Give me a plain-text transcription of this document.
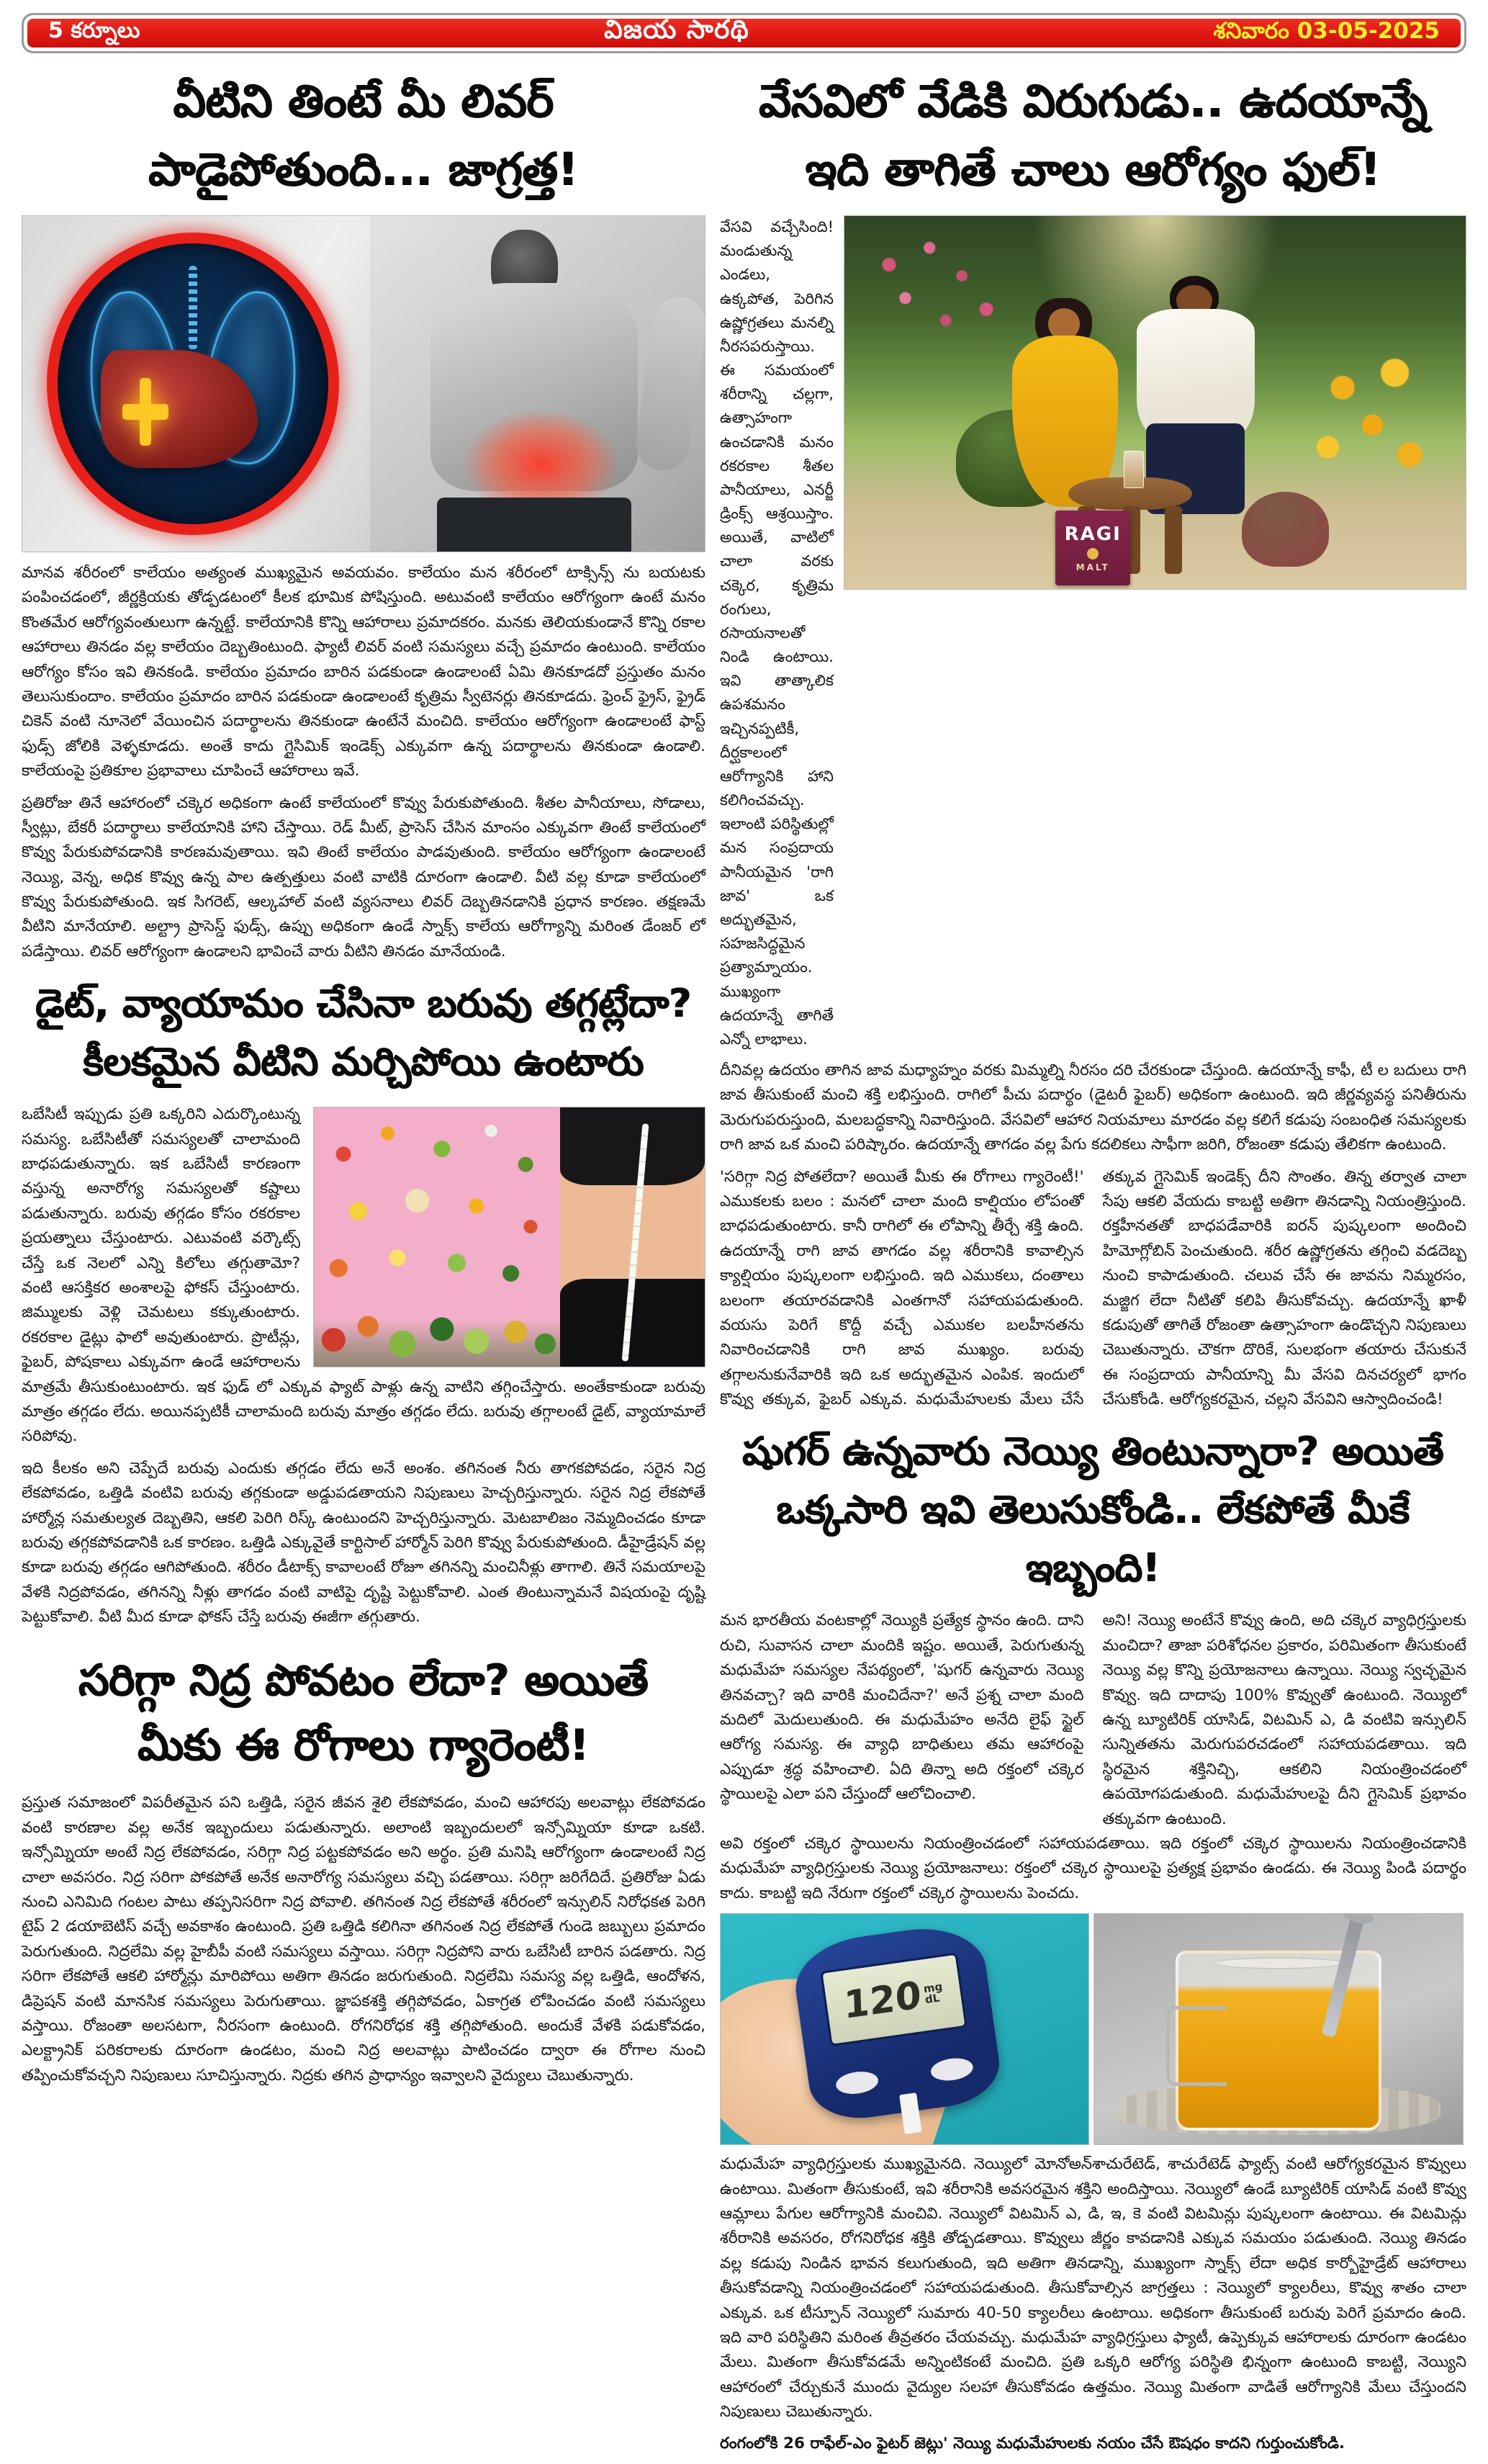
5 కర్నూలు	విజయ సారథి	శనివారం 03-05-2025
వీటిని తింటే మీ లివర్
పాడైపోతుంది... జాగ్రత్త!

మానవ శరీరంలో కాలేయం అత్యంత ముఖ్యమైన అవయవం. కాలేయం మన శరీరంలో టాక్సిన్స్ ను బయటకు పంపించడంలో, జీర్ణక్రియకు తోడ్పడటంలో కీలక భూమిక పోషిస్తుంది. అటువంటి కాలేయం ఆరోగ్యంగా ఉంటే మనం కొంతమేర ఆరోగ్యవంతులుగా ఉన్నట్టే. కాలేయానికి కొన్ని ఆహారాలు ప్రమాదకరం. మనకు తెలియకుండానే కొన్ని రకాల ఆహారాలు తినడం వల్ల కాలేయం దెబ్బతింటుంది. ఫ్యాటీ లివర్ వంటి సమస్యలు వచ్చే ప్రమాదం ఉంటుంది. కాలేయం ఆరోగ్యం కోసం ఇవి తినకండి. కాలేయం ప్రమాదం బారిన పడకుండా ఉండాలంటే ఏమి తినకూడదో ప్రస్తుతం మనం తెలుసుకుందాం. కాలేయం ప్రమాదం బారిన పడకుండా ఉండాలంటే కృత్రిమ స్వీటెనర్లు తినకూడదు. ఫ్రెంచ్ ఫ్రైస్, ఫ్రైడ్ చికెన్ వంటి నూనెలో వేయించిన పదార్థాలను తినకుండా ఉంటేనే మంచిది. కాలేయం ఆరోగ్యంగా ఉండాలంటే ఫాస్ట్ ఫుడ్స్ జోలికి వెళ్ళకూడదు. అంతే కాదు గ్లైసిమిక్ ఇండెక్స్ ఎక్కువగా ఉన్న పదార్థాలను తినకుండా ఉండాలి. కాలేయంపై ప్రతికూల ప్రభావాలు చూపించే ఆహారాలు ఇవే.

ప్రతిరోజు తినే ఆహారంలో చక్కెర అధికంగా ఉంటే కాలేయంలో కొవ్వు పేరుకుపోతుంది. శీతల పానీయాలు, సోడాలు, స్వీట్లు, బేకరీ పదార్థాలు కాలేయానికి హాని చేస్తాయి. రెడ్ మీట్, ప్రాసెస్ చేసిన మాంసం ఎక్కువగా తింటే కాలేయంలో కొవ్వు పేరుకుపోవడానికి కారణమవుతాయి. ఇవి తింటే కాలేయం పాడవుతుంది. కాలేయం ఆరోగ్యంగా ఉండాలంటే నెయ్యి, వెన్న, అధిక కొవ్వు ఉన్న పాల ఉత్పత్తులు వంటి వాటికి దూరంగా ఉండాలి. వీటి వల్ల కూడా కాలేయంలో కొవ్వు పేరుకుపోతుంది. ఇక సిగరెట్, ఆల్కహాల్ వంటి వ్యసనాలు లివర్ దెబ్బతినడానికి ప్రధాన కారణం. తక్షణమే వీటిని మానేయాలి. అల్ట్రా ప్రాసెస్డ్ ఫుడ్స్, ఉప్పు అధికంగా ఉండే స్నాక్స్ కాలేయ ఆరోగ్యాన్ని మరింత డేంజర్ లో పడేస్తాయి. లివర్ ఆరోగ్యంగా ఉండాలని భావించే వారు వీటిని తినడం మానేయండి.

డైట్, వ్యాయామం చేసినా బరువు తగ్గట్లేదా?
కీలకమైన వీటిని మర్చిపోయి ఉంటారు

ఒబేసిటీ ఇప్పుడు ప్రతి ఒక్కరిని ఎదుర్కొంటున్న సమస్య. ఒబేసిటీతో సమస్యలతో చాలామంది బాధపడుతున్నారు. ఇక ఒబేసిటీ కారణంగా వస్తున్న అనారోగ్య సమస్యలతో కష్టాలు పడుతున్నారు. బరువు తగ్గడం కోసం రకరకాల ప్రయత్నాలు చేస్తుంటారు. ఎటువంటి వర్కౌట్స్ చేస్తే ఒక నెలలో ఎన్ని కిలోలు తగ్గుతామో? వంటి ఆసక్తికర అంశాలపై ఫోకస్ చేస్తుంటారు. జిమ్ములకు వెళ్లి చెమటలు కక్కుతుంటారు. రకరకాల డైట్లు ఫాలో అవుతుంటారు. ప్రొటీన్లు, ఫైబర్, పోషకాలు ఎక్కువగా ఉండే ఆహారాలను మాత్రమే తీసుకుంటుంటారు. ఇక ఫుడ్ లో ఎక్కువ ఫ్యాట్ పాళ్లు ఉన్న వాటిని తగ్గించేస్తారు. అంతేకాకుండా బరువు మాత్రం తగ్గడం లేదు. అయినప్పటికీ చాలామంది బరువు మాత్రం తగ్గడం లేదు. బరువు తగ్గాలంటే డైట్, వ్యాయామాలే సరిపోవు.

ఇది కీలకం అని చెప్పేదే బరువు ఎందుకు తగ్గడం లేదు అనే అంశం. తగినంత నీరు తాగకపోవడం, సరైన నిద్ర లేకపోవడం, ఒత్తిడి వంటివి బరువు తగ్గకుండా అడ్డుపడతాయని నిపుణులు హెచ్చరిస్తున్నారు. సరైన నిద్ర లేకపోతే హార్మోన్ల సమతుల్యత దెబ్బతిని, ఆకలి పెరిగి రిస్క్ ఉంటుందని హెచ్చరిస్తున్నారు. మెటబాలిజం నెమ్మదించడం కూడా బరువు తగ్గకపోవడానికి ఒక కారణం. ఒత్తిడి ఎక్కువైతే కార్టిసాల్ హార్మోన్ పెరిగి కొవ్వు పేరుకుపోతుంది. డీహైడ్రేషన్ వల్ల కూడా బరువు తగ్గడం ఆగిపోతుంది. శరీరం డీటాక్స్ కావాలంటే రోజూ తగినన్ని మంచినీళ్లు తాగాలి. తినే సమయాలపై వేళకి నిద్రపోవడం, తగినన్ని నీళ్లు తాగడం వంటి వాటిపై దృష్టి పెట్టుకోవాలి. ఎంత తింటున్నామనే విషయంపై దృష్టి పెట్టుకోవాలి. వీటి మీద కూడా ఫోకస్ చేస్తే బరువు ఈజీగా తగ్గుతారు.

సరిగ్గా నిద్ర పోవటం లేదా? అయితే
మీకు ఈ రోగాలు గ్యారెంటీ!

ప్రస్తుత సమాజంలో విపరీతమైన పని ఒత్తిడి, సరైన జీవన శైలి లేకపోవడం, మంచి ఆహారపు అలవాట్లు లేకపోవడం వంటి కారణాల వల్ల అనేక ఇబ్బందులు పడుతున్నారు. అలాంటి ఇబ్బందులలో ఇన్సోమ్నియా కూడా ఒకటి. ఇన్సోమ్నియా అంటే నిద్ర లేకపోవడం, సరిగ్గా నిద్ర పట్టకపోవడం అని అర్థం. ప్రతి మనిషి ఆరోగ్యంగా ఉండాలంటే నిద్ర చాలా అవసరం. నిద్ర సరిగా పోకపోతే అనేక అనారోగ్య సమస్యలు వచ్చి పడతాయి. సరిగ్గా జరిగేదిదే. ప్రతిరోజు ఏడు నుంచి ఎనిమిది గంటల పాటు తప్పనిసరిగా నిద్ర పోవాలి. తగినంత నిద్ర లేకపోతే శరీరంలో ఇన్సులిన్ నిరోధకత పెరిగి టైప్ 2 డయాబెటిస్ వచ్చే అవకాశం ఉంటుంది. ప్రతి ఒత్తిడి కలిగినా తగినంత నిద్ర లేకపోతే గుండె జబ్బులు ప్రమాదం పెరుగుతుంది. నిద్రలేమి వల్ల హైబీపీ వంటి సమస్యలు వస్తాయి. సరిగ్గా నిద్రపోని వారు ఒబేసిటీ బారిన పడతారు. నిద్ర సరిగా లేకపోతే ఆకలి హార్మోన్లు మారిపోయి అతిగా తినడం జరుగుతుంది. నిద్రలేమి సమస్య వల్ల ఒత్తిడి, ఆందోళన, డిప్రెషన్ వంటి మానసిక సమస్యలు పెరుగుతాయి. జ్ఞాపకశక్తి తగ్గిపోవడం, ఏకాగ్రత లోపించడం వంటి సమస్యలు వస్తాయి. రోజంతా అలసటగా, నీరసంగా ఉంటుంది. రోగనిరోధక శక్తి తగ్గిపోతుంది. అందుకే వేళకి పడుకోవడం, ఎలక్ట్రానిక్ పరికరాలకు దూరంగా ఉండటం, మంచి నిద్ర అలవాట్లు పాటించడం ద్వారా ఈ రోగాల నుంచి తప్పించుకోవచ్చని నిపుణులు సూచిస్తున్నారు. నిద్రకు తగిన ప్రాధాన్యం ఇవ్వాలని వైద్యులు చెబుతున్నారు.

వేసవిలో వేడికి విరుగుడు.. ఉదయాన్నే
ఇది తాగితే చాలు ఆరోగ్యం ఫుల్!
వేసవి వచ్చేసింది! మండుతున్న ఎండలు, ఉక్కపోత, పెరిగిన ఉష్ణోగ్రతలు మనల్ని నీరసపరుస్తాయి. ఈ సమయంలో శరీరాన్ని చల్లగా, ఉత్సాహంగా ఉంచడానికి మనం రకరకాల శీతల పానీయాలు, ఎనర్జీ డ్రింక్స్ ఆశ్రయిస్తాం. అయితే, వాటిలో చాలా వరకు చక్కెర, కృత్రిమ రంగులు, రసాయనాలతో నిండి ఉంటాయి. ఇవి తాత్కాలిక ఉపశమనం ఇచ్చినప్పటికీ, దీర్ఘకాలంలో ఆరోగ్యానికి హాని కలిగించవచ్చు. ఇలాంటి పరిస్థితుల్లో మన సంప్రదాయ పానీయమైన 'రాగి జావ' ఒక అద్భుతమైన, సహజసిద్ధమైన ప్రత్యామ్నాయం. ముఖ్యంగా ఉదయాన్నే తాగితే ఎన్నో లాభాలు.
RAGI
MALT

దీనివల్ల ఉదయం తాగిన జావ మధ్యాహ్నం వరకు మిమ్మల్ని నీరసం దరి చేరకుండా చేస్తుంది. ఉదయాన్నే కాఫీ, టీ ల బదులు రాగి జావ తీసుకుంటే మంచి శక్తి లభిస్తుంది. రాగిలో పీచు పదార్థం (డైటరీ ఫైబర్) అధికంగా ఉంటుంది. ఇది జీర్ణవ్యవస్థ పనితీరును మెరుగుపరుస్తుంది, మలబద్ధకాన్ని నివారిస్తుంది. వేసవిలో ఆహార నియమాలు మారడం వల్ల కలిగే కడుపు సంబంధిత సమస్యలకు రాగి జావ ఒక మంచి పరిష్కారం. ఉదయాన్నే తాగడం వల్ల పేగు కదలికలు సాఫీగా జరిగి, రోజంతా కడుపు తేలికగా ఉంటుంది.

'సరిగ్గా నిద్ర పోతలేదా? అయితే మీకు ఈ రోగాలు గ్యారెంటీ!' ఎముకలకు బలం : మనలో చాలా మంది కాల్షియం లోపంతో బాధపడుతుంటారు. కానీ రాగిలో ఈ లోపాన్ని తీర్చే శక్తి ఉంది. ఉదయాన్నే రాగి జావ తాగడం వల్ల శరీరానికి కావాల్సిన క్యాల్షియం పుష్కలంగా లభిస్తుంది. ఇది ఎముకలు, దంతాలు బలంగా తయారవడానికి ఎంతగానో సహాయపడుతుంది. వయసు పెరిగే కొద్దీ వచ్చే ఎముకల బలహీనతను నివారించడానికి రాగి జావ ముఖ్యం. బరువు తగ్గాలనుకునేవారికి ఇది ఒక అద్భుతమైన ఎంపిక. ఇందులో కొవ్వు తక్కువ, ఫైబర్ ఎక్కువ. మధుమేహులకు మేలు చేసే తక్కువ గ్లైసెమిక్ ఇండెక్స్ దీని సొంతం. తిన్న తర్వాత చాలా సేపు ఆకలి వేయదు కాబట్టి అతిగా తినడాన్ని నియంత్రిస్తుంది. రక్తహీనతతో బాధపడేవారికి ఐరన్ పుష్కలంగా అందించి హిమోగ్లోబిన్ పెంచుతుంది. శరీర ఉష్ణోగ్రతను తగ్గించి వడదెబ్బ నుంచి కాపాడుతుంది. చలువ చేసే ఈ జావను నిమ్మరసం, మజ్జిగ లేదా నీటితో కలిపి తీసుకోవచ్చు. ఉదయాన్నే ఖాళీ కడుపుతో తాగితే రోజంతా ఉత్సాహంగా ఉండొచ్చని నిపుణులు చెబుతున్నారు. చౌకగా దొరికే, సులభంగా తయారు చేసుకునే ఈ సంప్రదాయ పానీయాన్ని మీ వేసవి దినచర్యలో భాగం చేసుకోండి. ఆరోగ్యకరమైన, చల్లని వేసవిని ఆస్వాదించండి!

షుగర్ ఉన్నవారు నెయ్యి తింటున్నారా? అయితే
ఒక్కసారి ఇవి తెలుసుకోండి.. లేకపోతే మీకే ఇబ్బంది!

మన భారతీయ వంటకాల్లో నెయ్యికి ప్రత్యేక స్థానం ఉంది. దాని రుచి, సువాసన చాలా మందికి ఇష్టం. అయితే, పెరుగుతున్న మధుమేహ సమస్యల నేపథ్యంలో, 'షుగర్ ఉన్నవారు నెయ్యి తినవచ్చా? ఇది వారికి మంచిదేనా?' అనే ప్రశ్న చాలా మంది మదిలో మెదులుతుంది. ఈ మధుమేహం అనేది లైఫ్ స్టైల్ ఆరోగ్య సమస్య. ఈ వ్యాధి బాధితులు తమ ఆహారంపై ఎప్పుడూ శ్రద్ధ వహించాలి. ఏది తిన్నా అది రక్తంలో చక్కెర స్థాయిలపై ఎలా పని చేస్తుందో ఆలోచించాలి.

అని! నెయ్యి అంటేనే కొవ్వు ఉంది, అది చక్కెర వ్యాధిగ్రస్తులకు మంచిదా? తాజా పరిశోధనల ప్రకారం, పరిమితంగా తీసుకుంటే నెయ్యి వల్ల కొన్ని ప్రయోజనాలు ఉన్నాయి. నెయ్యి స్వచ్ఛమైన కొవ్వు. ఇది దాదాపు 100% కొవ్వుతో ఉంటుంది. నెయ్యిలో ఉన్న బ్యూటిరిక్ యాసిడ్, విటమిన్ ఎ, డి వంటివి ఇన్సులిన్ సున్నితతను మెరుగుపరచడంలో సహాయపడతాయి. ఇది స్థిరమైన శక్తినిచ్చి, ఆకలిని నియంత్రించడంలో ఉపయోగపడుతుంది. మధుమేహులపై దీని గ్లైసెమిక్ ప్రభావం తక్కువగా ఉంటుంది.

అవి రక్తంలో చక్కెర స్థాయిలను నియంత్రించడంలో సహాయపడతాయి. ఇది రక్తంలో చక్కెర స్థాయిలను నియంత్రించడానికి మధుమేహ వ్యాధిగ్రస్తులకు నెయ్యి ప్రయోజనాలు: రక్తంలో చక్కెర స్థాయిలపై ప్రత్యక్ష ప్రభావం ఉండదు. ఈ నెయ్యి పిండి పదార్థం కాదు. కాబట్టి ఇది నేరుగా రక్తంలో చక్కెర స్థాయిలను పెంచదు.

120 mg
dL

మధుమేహ వ్యాధిగ్రస్తులకు ముఖ్యమైనది. నెయ్యిలో మోనోఅన్‌శాచురేటెడ్, శాచురేటెడ్ ఫ్యాట్స్ వంటి ఆరోగ్యకరమైన కొవ్వులు ఉంటాయి. మితంగా తీసుకుంటే, ఇవి శరీరానికి అవసరమైన శక్తిని అందిస్తాయి. నెయ్యిలో ఉండే బ్యూటిరిక్ యాసిడ్ వంటి కొవ్వు ఆమ్లాలు పేగుల ఆరోగ్యానికి మంచివి. నెయ్యిలో విటమిన్ ఎ, డి, ఇ, కె వంటి విటమిన్లు పుష్కలంగా ఉంటాయి. ఈ విటమిన్లు శరీరానికి అవసరం, రోగనిరోధక శక్తికి తోడ్పడతాయి. కొవ్వులు జీర్ణం కావడానికి ఎక్కువ సమయం పడుతుంది. నెయ్యి తినడం వల్ల కడుపు నిండిన భావన కలుగుతుంది, ఇది అతిగా తినడాన్ని, ముఖ్యంగా స్నాక్స్ లేదా అధిక కార్బోహైడ్రేట్ ఆహారాలు తీసుకోవడాన్ని నియంత్రించడంలో సహాయపడుతుంది. తీసుకోవాల్సిన జాగ్రత్తలు : నెయ్యిలో క్యాలరీలు, కొవ్వు శాతం చాలా ఎక్కువ. ఒక టీస్పూన్ నెయ్యిలో సుమారు 40-50 క్యాలరీలు ఉంటాయి. అధికంగా తీసుకుంటే బరువు పెరిగే ప్రమాదం ఉంది. ఇది వారి పరిస్థితిని మరింత తీవ్రతరం చేయవచ్చు. మధుమేహ వ్యాధిగ్రస్తులు ఫ్యాటీ, ఉప్పెక్కువ ఆహారాలకు దూరంగా ఉండటం మేలు. మితంగా తీసుకోవడమే అన్నింటికంటే మంచిది. ప్రతి ఒక్కరి ఆరోగ్య పరిస్థితి భిన్నంగా ఉంటుంది కాబట్టి, నెయ్యిని ఆహారంలో చేర్చుకునే ముందు వైద్యుల సలహా తీసుకోవడం ఉత్తమం. నెయ్యి మితంగా వాడితే ఆరోగ్యానికి మేలు చేస్తుందని నిపుణులు చెబుతున్నారు.

రంగంలోకి 26 రాఫేల్-ఎం ఫైటర్ జెట్లు' నెయ్యి మధుమేహులకు నయం చేసే ఔషధం కాదని గుర్తుంచుకోండి.
